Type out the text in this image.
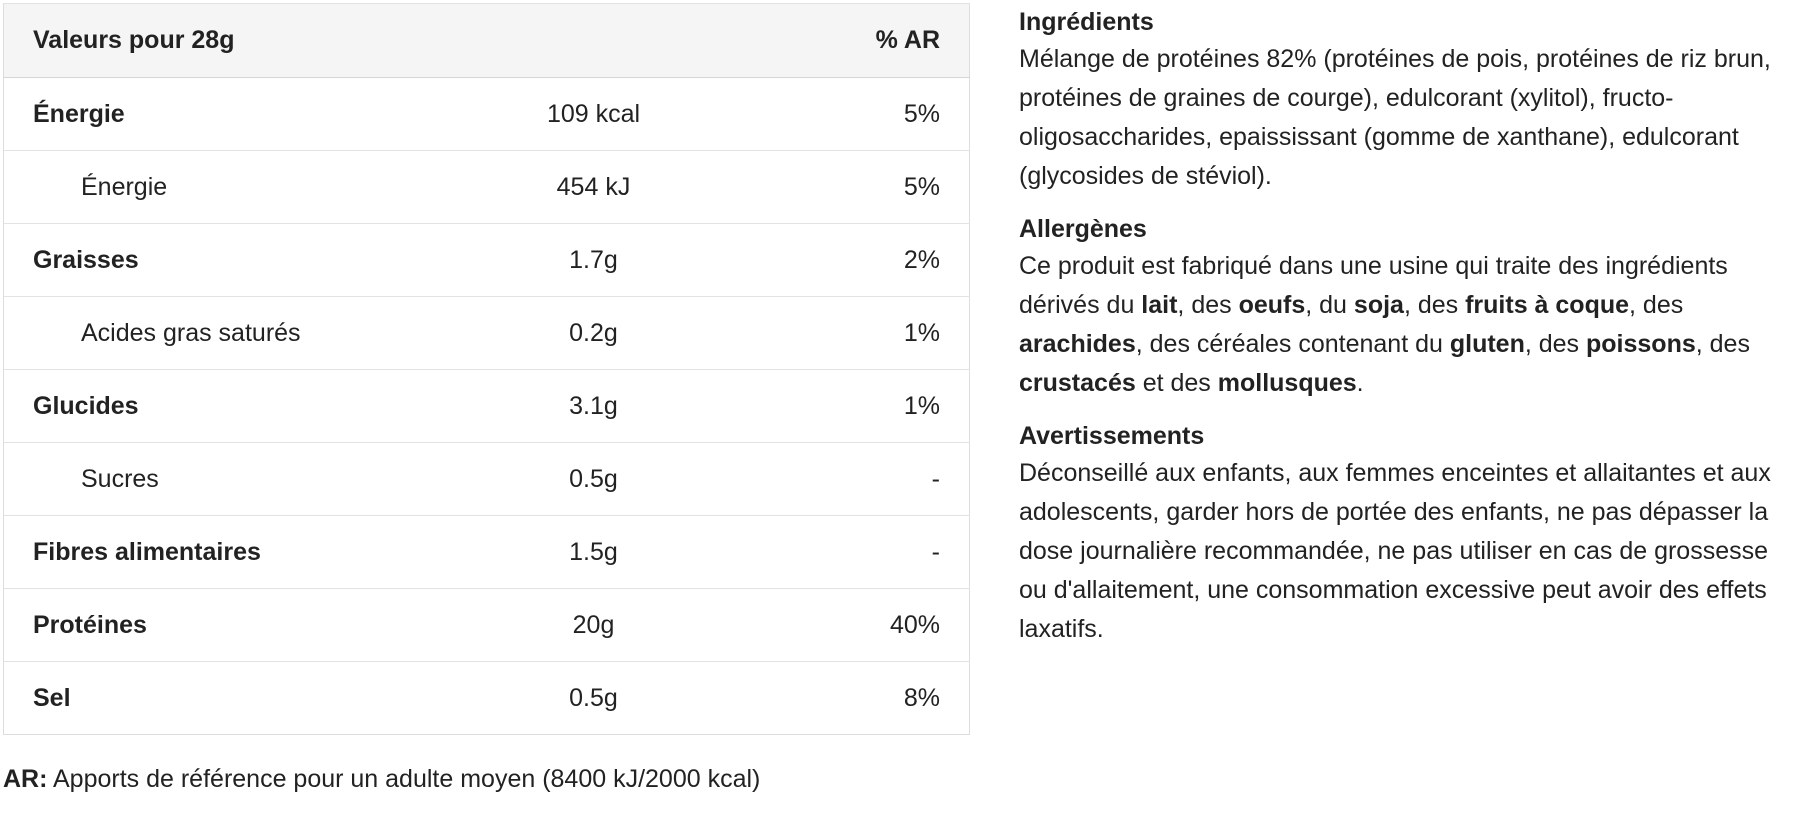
Valeurs pour 28g		% AR
Énergie	109 kcal	5%
Énergie	454 kJ	5%
Graisses	1.7g	2%
Acides gras saturés	0.2g	1%
Glucides	3.1g	1%
Sucres	0.5g	-
Fibres alimentaires	1.5g	-
Protéines	20g	40%
Sel	0.5g	8%
AR: Apports de référence pour un adulte moyen (8400 kJ/2000 kcal)
Ingrédients

Mélange de protéines 82% (protéines de pois, protéines de riz brun, protéines de graines de courge), edulcorant (xylitol), fructo-oligosaccharides, epaississant (gomme de xanthane), edulcorant (glycosides de stéviol).

Allergènes

Ce produit est fabriqué dans une usine qui traite des ingrédients dérivés du lait, des oeufs, du soja, des fruits à coque, des arachides, des céréales contenant du gluten, des poissons, des crustacés et des mollusques.

Avertissements

Déconseillé aux enfants, aux femmes enceintes et allaitantes et aux adolescents, garder hors de portée des enfants, ne pas dépasser la dose journalière recommandée, ne pas utiliser en cas de grossesse ou d'allaitement, une consommation excessive peut avoir des effets laxatifs.
